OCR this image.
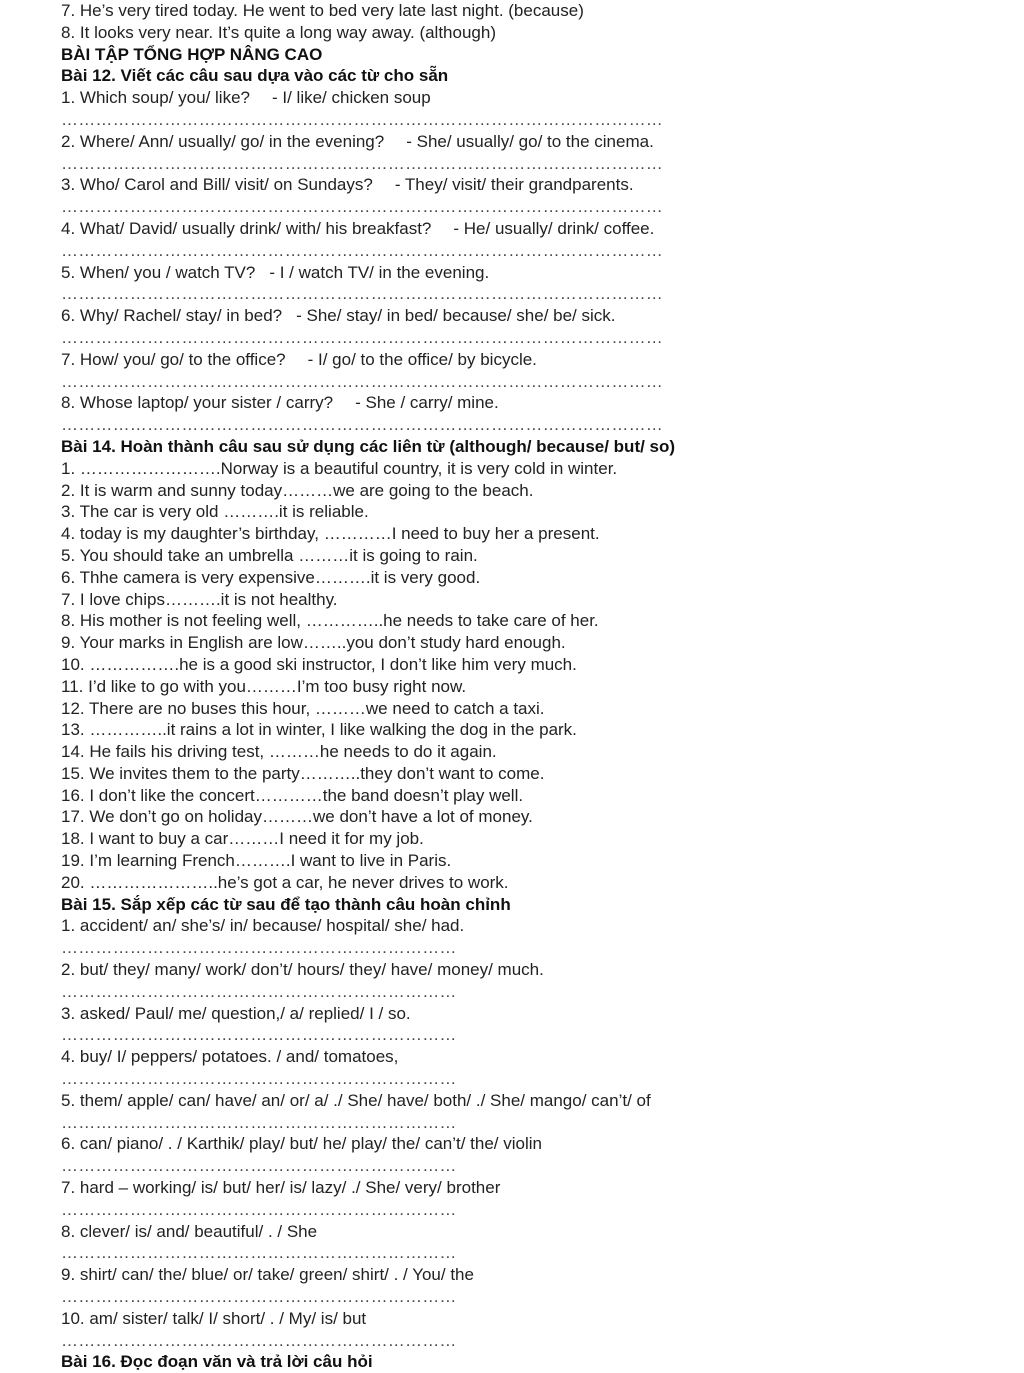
7. He’s very tired today. He went to bed very late last night. (because)
8. It looks very near. It’s quite a long way away. (although)
BÀI TẬP TỔNG HỢP NÂNG CAO
Bài 12. Viết các câu sau dựa vào các từ cho sẵn
1. Which soup/ you/ like? - I/ like/ chicken soup
……………………………………………………………………………………………
2. Where/ Ann/ usually/ go/ in the evening? - She/ usually/ go/ to the cinema.
……………………………………………………………………………………………
3. Who/ Carol and Bill/ visit/ on Sundays? - They/ visit/ their grandparents.
……………………………………………………………………………………………
4. What/ David/ usually drink/ with/ his breakfast? - He/ usually/ drink/ coffee.
……………………………………………………………………………………………
5. When/ you / watch TV? - I / watch TV/ in the evening.
……………………………………………………………………………………………
6. Why/ Rachel/ stay/ in bed? - She/ stay/ in bed/ because/ she/ be/ sick.
……………………………………………………………………………………………
7. How/ you/ go/ to the office? - I/ go/ to the office/ by bicycle.
……………………………………………………………………………………………
8. Whose laptop/ your sister / carry? - She / carry/ mine.
……………………………………………………………………………………………
Bài 14. Hoàn thành câu sau sử dụng các liên từ (although/ because/ but/ so)
1. …………………….Norway is a beautiful country, it is very cold in winter.
2. It is warm and sunny today………we are going to the beach.
3. The car is very old ……….it is reliable.
4. today is my daughter’s birthday, …………I need to buy her a present.
5. You should take an umbrella ………it is going to rain.
6. Thhe camera is very expensive……….it is very good.
7. I love chips……….it is not healthy.
8. His mother is not feeling well, …………..he needs to take care of her.
9. Your marks in English are low……..you don’t study hard enough.
10. …………….he is a good ski instructor, I don’t like him very much.
11. I’d like to go with you………I’m too busy right now.
12. There are no buses this hour, ………we need to catch a taxi.
13. …………..it rains a lot in winter, I like walking the dog in the park.
14. He fails his driving test, ………he needs to do it again.
15. We invites them to the party………..they don’t want to come.
16. I don’t like the concert…………the band doesn’t play well.
17. We don’t go on holiday………we don’t have a lot of money.
18. I want to buy a car………I need it for my job.
19. I’m learning French……….I want to live in Paris.
20. …………………..he’s got a car, he never drives to work.
Bài 15. Sắp xếp các từ sau để tạo thành câu hoàn chỉnh
1. accident/ an/ she’s/ in/ because/ hospital/ she/ had.
……………………………………………………………
2. but/ they/ many/ work/ don’t/ hours/ they/ have/ money/ much.
……………………………………………………………
3. asked/ Paul/ me/ question,/ a/ replied/ I / so.
……………………………………………………………
4. buy/ I/ peppers/ potatoes. / and/ tomatoes,
……………………………………………………………
5. them/ apple/ can/ have/ an/ or/ a/ ./ She/ have/ both/ ./ She/ mango/ can’t/ of
……………………………………………………………
6. can/ piano/ . / Karthik/ play/ but/ he/ play/ the/ can’t/ the/ violin
……………………………………………………………
7. hard – working/ is/ but/ her/ is/ lazy/ ./ She/ very/ brother
……………………………………………………………
8. clever/ is/ and/ beautiful/ . / She
……………………………………………………………
9. shirt/ can/ the/ blue/ or/ take/ green/ shirt/ . / You/ the
……………………………………………………………
10. am/ sister/ talk/ I/ short/ . / My/ is/ but
……………………………………………………………
Bài 16. Đọc đoạn văn và trả lời câu hỏi
